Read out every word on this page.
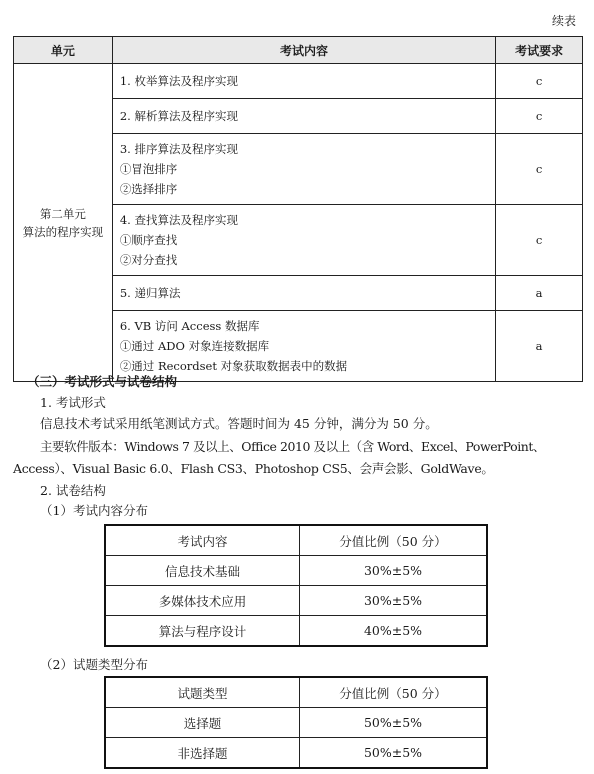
续表
单元	考试内容	考试要求

第二单元
算法的程序实现	1. 枚举算法及程序实现	c

	2. 解析算法及程序实现	c

	3. 排序算法及程序实现
①冒泡排序
②选择排序	c

	4. 查找算法及程序实现
①顺序查找
②对分查找	c

	5. 递归算法	a

	6. VB 访问 Access 数据库
①通过 ADO 对象连接数据库
②通过 Recordset 对象获取数据表中的数据	a
（三）考试形式与试卷结构
1. 考试形式
信息技术考试采用纸笔测试方式。答题时间为 45 分钟，满分为 50 分。
主要软件版本：Windows 7 及以上、Office 2010 及以上（含 Word、Excel、PowerPoint、
Access）、Visual Basic 6.0、Flash CS3、Photoshop CS5、会声会影、GoldWave。
2. 试卷结构
（1）考试内容分布
考试内容	分值比例（50 分）
信息技术基础	30%±5%
多媒体技术应用	30%±5%
算法与程序设计	40%±5%
（2）试题类型分布
试题类型	分值比例（50 分）
选择题	50%±5%
非选择题	50%±5%
